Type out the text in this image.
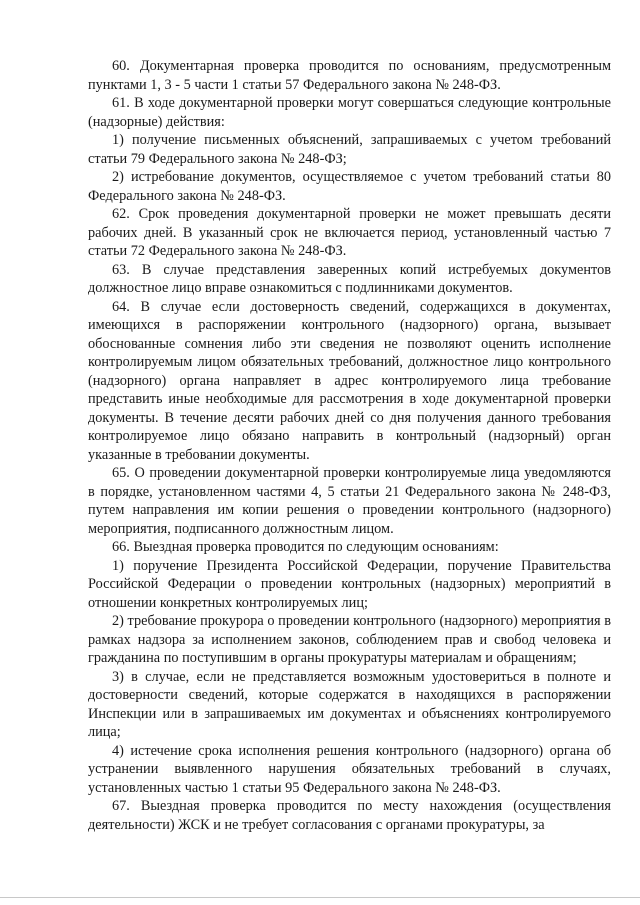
60. Документарная проверка проводится по основаниям, предусмотренным пунктами 1, 3 - 5 части 1 статьи 57 Федерального закона № 248-ФЗ.

61. В ходе документарной проверки могут совершаться следующие контрольные (надзорные) действия:

1) получение письменных объяснений, запрашиваемых с учетом требований статьи 79 Федерального закона № 248-ФЗ;

2) истребование документов, осуществляемое с учетом требований статьи 80 Федерального закона № 248-ФЗ.

62. Срок проведения документарной проверки не может превышать десяти рабочих дней. В указанный срок не включается период, установленный частью 7 статьи 72 Федерального закона № 248-ФЗ.

63. В случае представления заверенных копий истребуемых документов должностное лицо вправе ознакомиться с подлинниками документов.

64. В случае если достоверность сведений, содержащихся в документах, имеющихся в распоряжении контрольного (надзорного) органа, вызывает обоснованные сомнения либо эти сведения не позволяют оценить исполнение контролируемым лицом обязательных требований, должностное лицо контрольного (надзорного) органа направляет в адрес контролируемого лица требование представить иные необходимые для рассмотрения в ходе документарной проверки документы. В течение десяти рабочих дней со дня получения данного требования контролируемое лицо обязано направить в контрольный (надзорный) орган указанные в требовании документы.

65. О проведении документарной проверки контролируемые лица уведомляются в порядке, установленном частями 4, 5 статьи 21 Федерального закона № 248-ФЗ, путем направления им копии решения о проведении контрольного (надзорного) мероприятия, подписанного должностным лицом.

66. Выездная проверка проводится по следующим основаниям:

1) поручение Президента Российской Федерации, поручение Правительства Российской Федерации о проведении контрольных (надзорных) мероприятий в отношении конкретных контролируемых лиц;

2) требование прокурора о проведении контрольного (надзорного) мероприятия в рамках надзора за исполнением законов, соблюдением прав и свобод человека и гражданина по поступившим в органы прокуратуры материалам и обращениям;

3) в случае, если не представляется возможным удостовериться в полноте и достоверности сведений, которые содержатся в находящихся в распоряжении Инспекции или в запрашиваемых им документах и объяснениях контролируемого лица;

4) истечение срока исполнения решения контрольного (надзорного) органа об устранении выявленного нарушения обязательных требований в случаях, установленных частью 1 статьи 95 Федерального закона № 248-ФЗ.

67. Выездная проверка проводится по месту нахождения (осуществления деятельности) ЖСК и не требует согласования с органами прокуратуры, за
